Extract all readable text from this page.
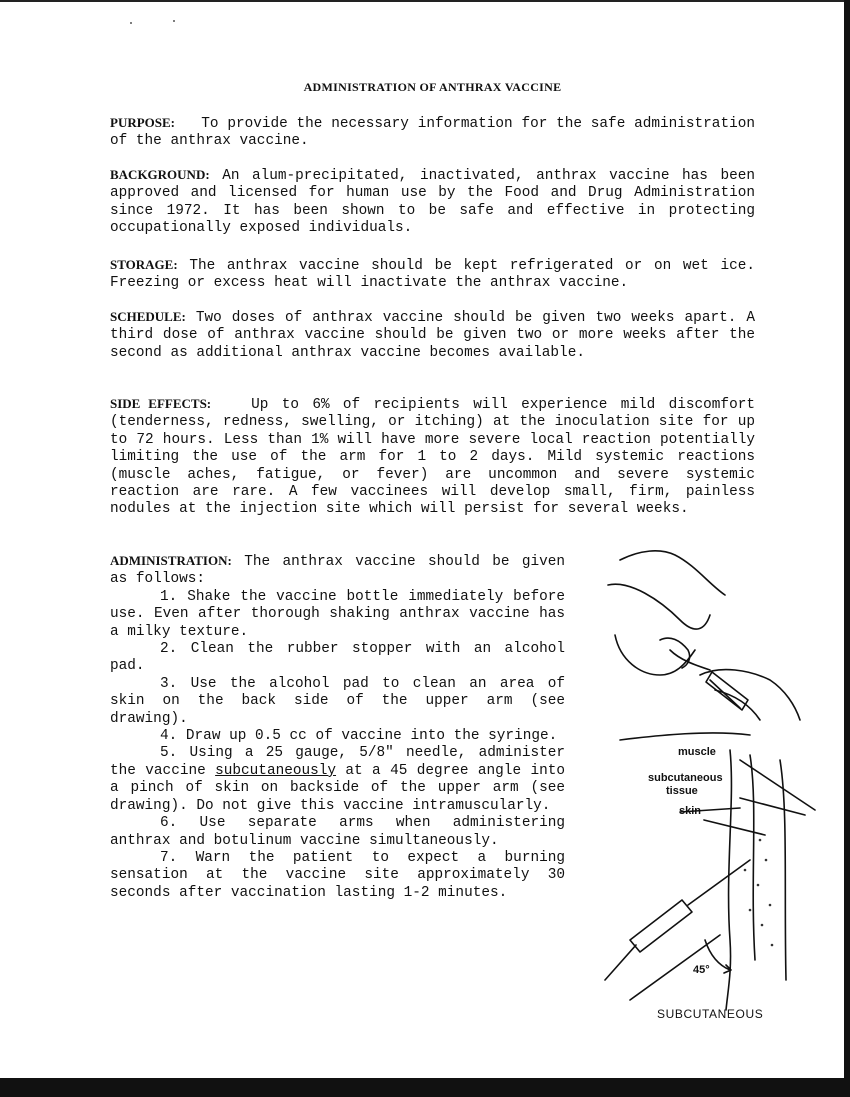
ADMINISTRATION OF ANTHRAX VACCINE
PURPOSE: To provide the necessary information for the safe administration of the anthrax vaccine.
BACKGROUND: An alum-precipitated, inactivated, anthrax vaccine has been approved and licensed for human use by the Food and Drug Administration since 1972. It has been shown to be safe and effective in protecting occupationally exposed individuals.
STORAGE: The anthrax vaccine should be kept refrigerated or on wet ice. Freezing or excess heat will inactivate the anthrax vaccine.
SCHEDULE: Two doses of anthrax vaccine should be given two weeks apart. A third dose of anthrax vaccine should be given two or more weeks after the second as additional anthrax vaccine becomes available.
SIDE EFFECTS:	Up to 6% of recipients will experience mild discomfort (tenderness, redness, swelling, or itching) at the inoculation site for up to 72 hours. Less than 1% will have more severe local reaction potentially limiting the use of the arm for 1 to 2 days. Mild systemic reactions (muscle aches, fatigue, or fever) are uncommon and severe systemic reaction are rare. A few vaccinees will develop small, firm, painless nodules at the injection site which will persist for several weeks.

ADMINISTRATION: The anthrax vaccine should be given as follows:

1. Shake the vaccine bottle immediately before use. Even after thorough shaking anthrax vaccine has a milky texture.

2. Clean the rubber stopper with an alcohol pad.

3. Use the alcohol pad to clean an area of skin on the back side of the upper arm (see drawing).

4. Draw up 0.5 cc of vaccine into the syringe.

5. Using a 25 gauge, 5/8" needle, administer the vaccine subcutaneously at a 45 degree angle into a pinch of skin on backside of the upper arm (see drawing). Do not give this vaccine intramuscularly.

6. Use separate arms when administering anthrax and botulinum vaccine simultaneously.

7. Warn the patient to expect a burning sensation at the vaccine site approximately 30 seconds after vaccination lasting 1-2 minutes.

muscle
subcutaneous
tissue
skin
45°
SUBCUTANEOUS
